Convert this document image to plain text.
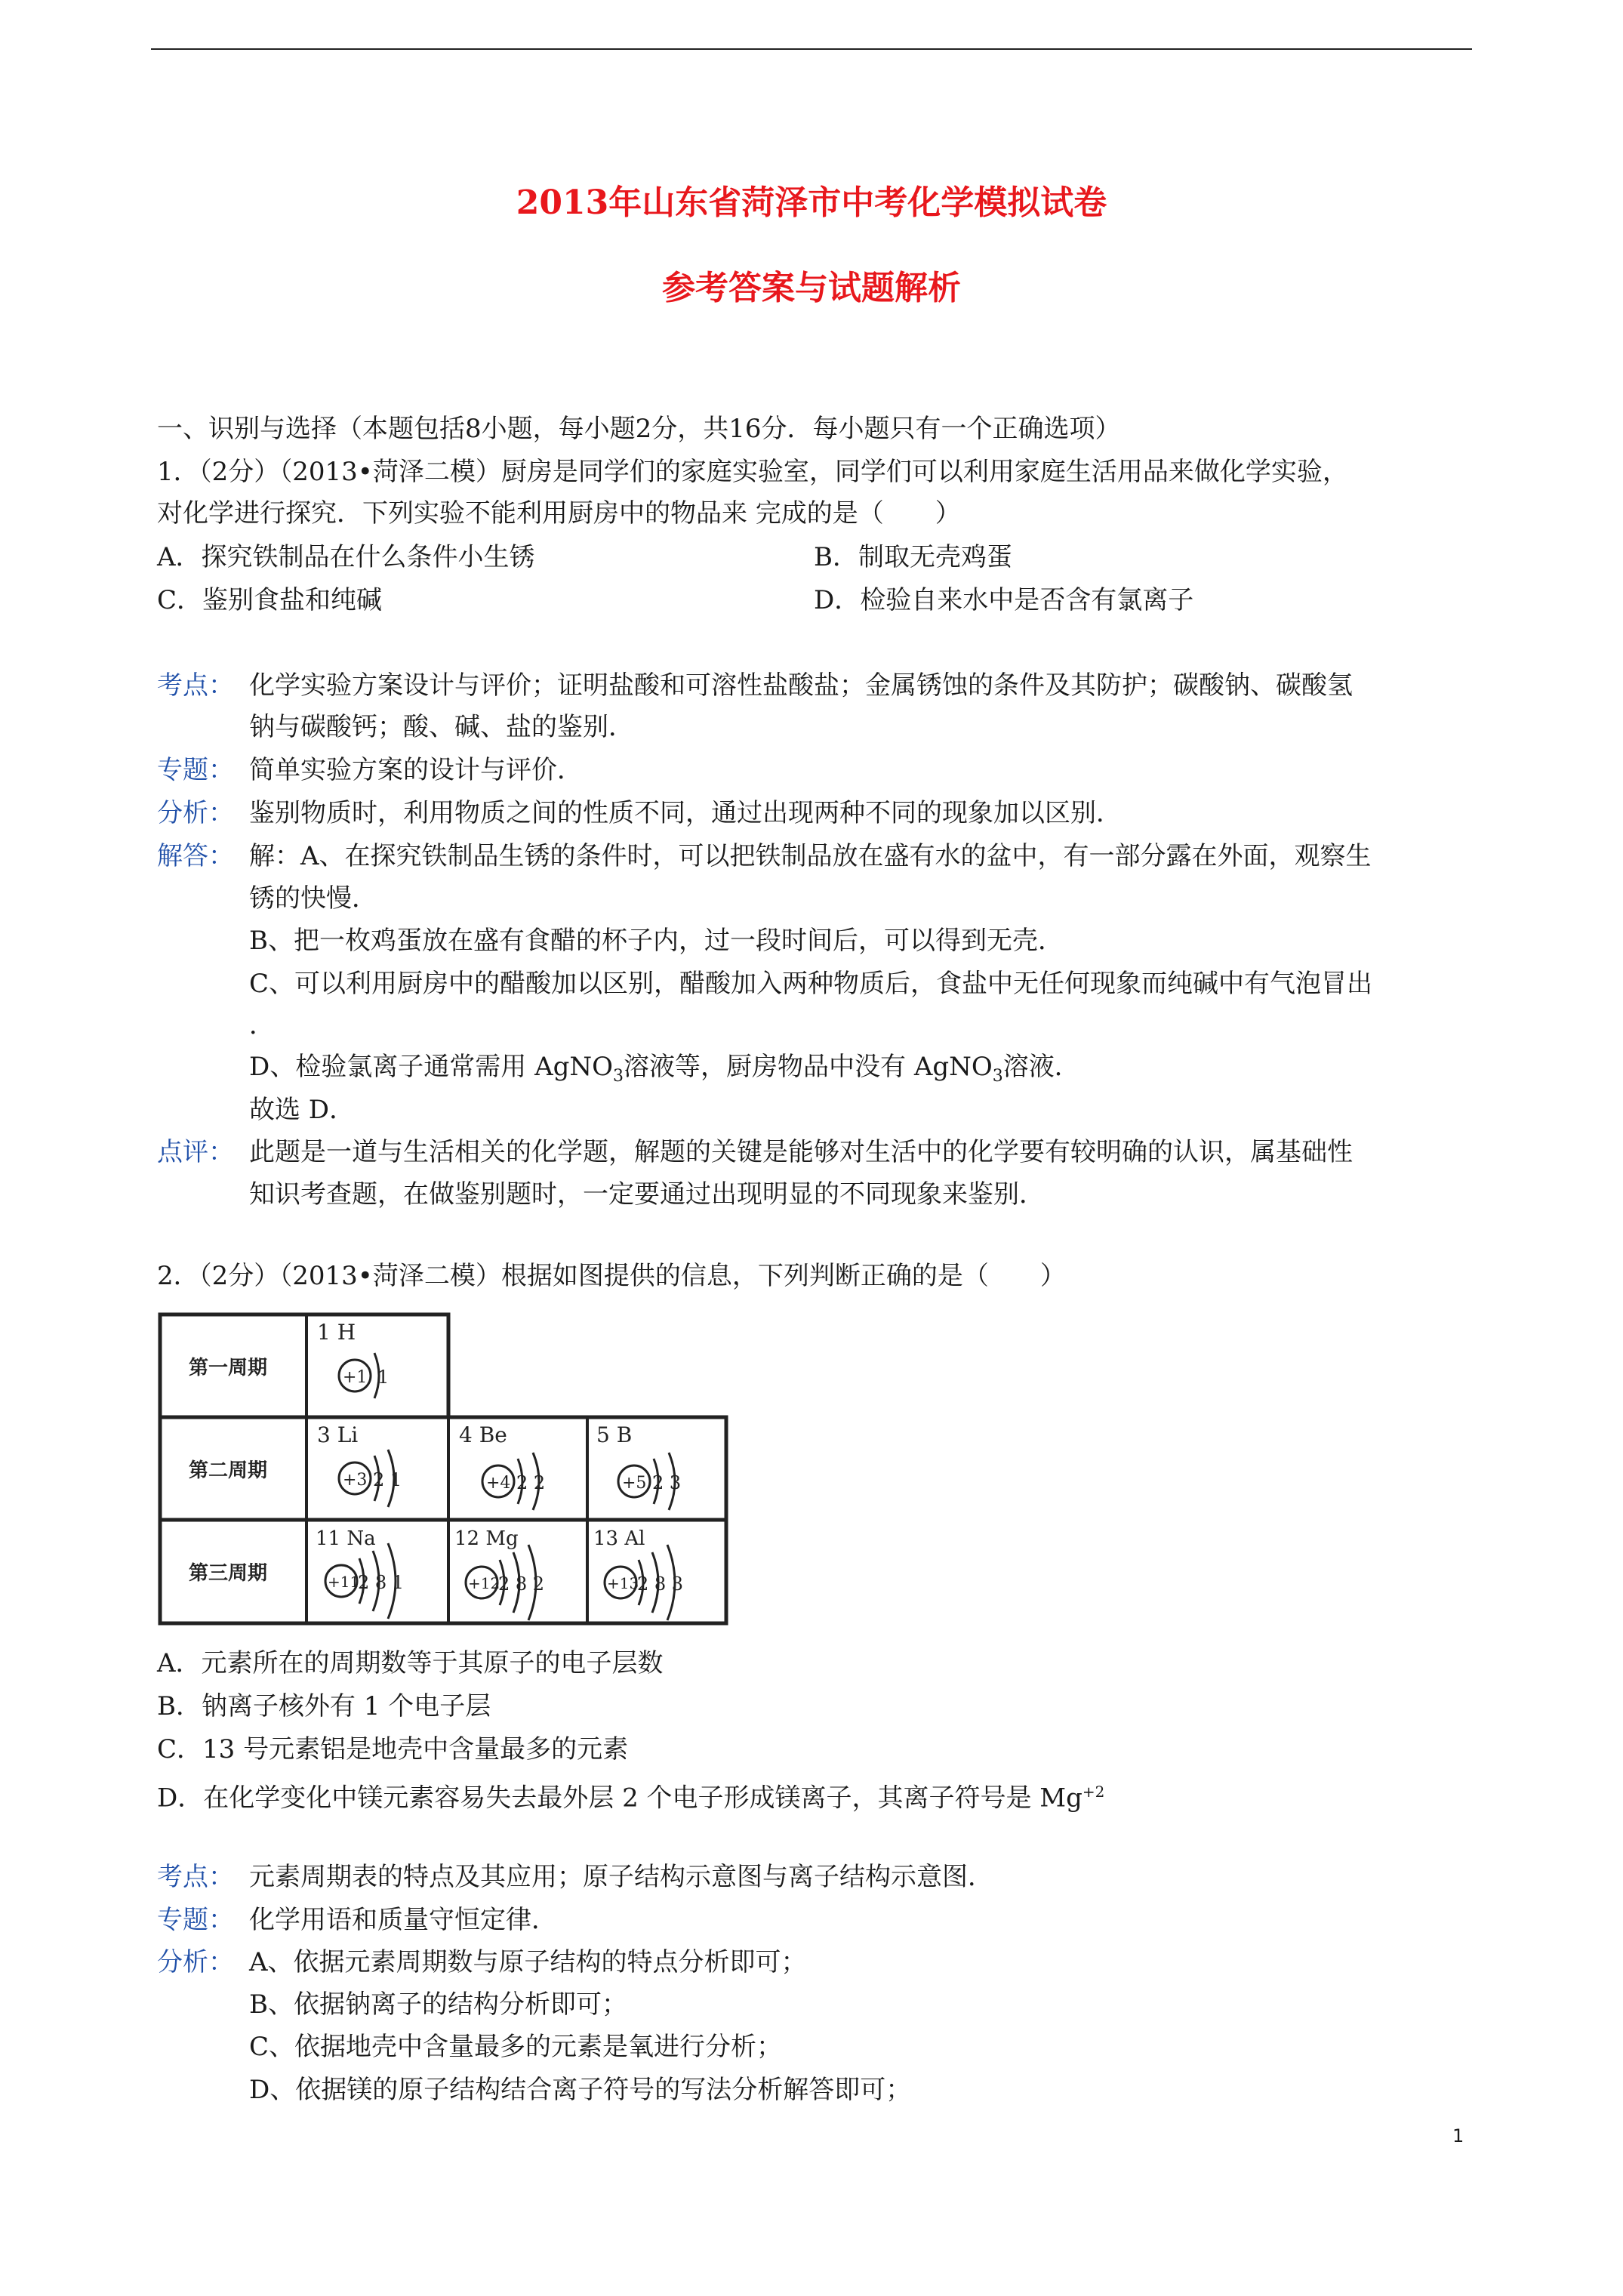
2013年山东省菏泽市中考化学模拟试卷
参考答案与试题解析
一、识别与选择（本题包括8小题，每小题2分，共16分．每小题只有一个正确选项）
1．（2分）（2013•菏泽二模）厨房是同学们的家庭实验室，同学们可以利用家庭生活用品来做化学实验，
对化学进行探究．下列实验不能利用厨房中的物品来 完成的是（　　）
A．探究铁制品在什么条件小生锈	B．制取无壳鸡蛋
C．鉴别食盐和纯碱	D．检验自来水中是否含有氯离子
考点： 化学实验方案设计与评价；证明盐酸和可溶性盐酸盐；金属锈蚀的条件及其防护；碳酸钠、碳酸氢
钠与碳酸钙；酸、碱、盐的鉴别．
专题： 简单实验方案的设计与评价．
分析： 鉴别物质时，利用物质之间的性质不同，通过出现两种不同的现象加以区别．
解答： 解：A、在探究铁制品生锈的条件时，可以把铁制品放在盛有水的盆中，有一部分露在外面，观察生
锈的快慢．
B、把一枚鸡蛋放在盛有食醋的杯子内，过一段时间后，可以得到无壳．
C、可以利用厨房中的醋酸加以区别，醋酸加入两种物质后，食盐中无任何现象而纯碱中有气泡冒出
．
D、检验氯离子通常需用 AgNO$_3$溶液等，厨房物品中没有 AgNO$_3$溶液．
故选 D．
点评： 此题是一道与生活相关的化学题，解题的关键是能够对生活中的化学要有较明确的认识，属基础性
知识考查题，在做鉴别题时，一定要通过出现明显的不同现象来鉴别．
2．（2分）（2013•菏泽二模）根据如图提供的信息，下列判断正确的是（　　）
第一周期
第二周期
第三周期
1 H
+1 1
3 Li
+3 2 1
4 Be
+4 2 2
5 B
+5 2 3
11 Na
+11
2 8 1
12 Mg
+12
2 8 2
13 Al
+13
2 8 3
A．元素所在的周期数等于其原子的电子层数
B．钠离子核外有 1 个电子层
C．13 号元素铝是地壳中含量最多的元素
D．在化学变化中镁元素容易失去最外层 2 个电子形成镁离子，其离子符号是 $Mg^{+2}$
考点： 元素周期表的特点及其应用；原子结构示意图与离子结构示意图．
专题： 化学用语和质量守恒定律．
分析： A、依据元素周期数与原子结构的特点分析即可；
B、依据钠离子的结构分析即可；
C、依据地壳中含量最多的元素是氧进行分析；
D、依据镁的原子结构结合离子符号的写法分析解答即可；
1
